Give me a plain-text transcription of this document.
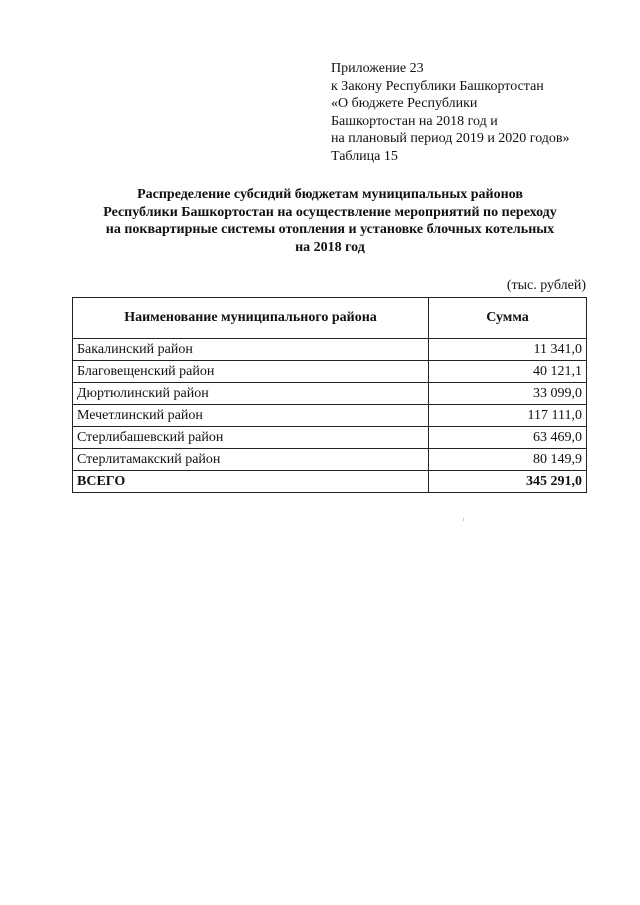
Приложение 23
к Закону Республики Башкортостан
«О бюджете Республики
Башкортостан на 2018 год и
на плановый период 2019 и 2020 годов»
Таблица 15
Распределение субсидий бюджетам муниципальных районов
Республики Башкортостан на осуществление мероприятий по переходу
на поквартирные системы отопления и установке блочных котельных
на 2018 год
(тыс. рублей)
Наименование муниципального района	Сумма
Бакалинский район	11 341,0
Благовещенский район	40 121,1
Дюртюлинский район	33 099,0
Мечетлинский район	117 111,0
Стерлибашевский район	63 469,0
Стерлитамакский район	80 149,9
ВСЕГО	345 291,0
